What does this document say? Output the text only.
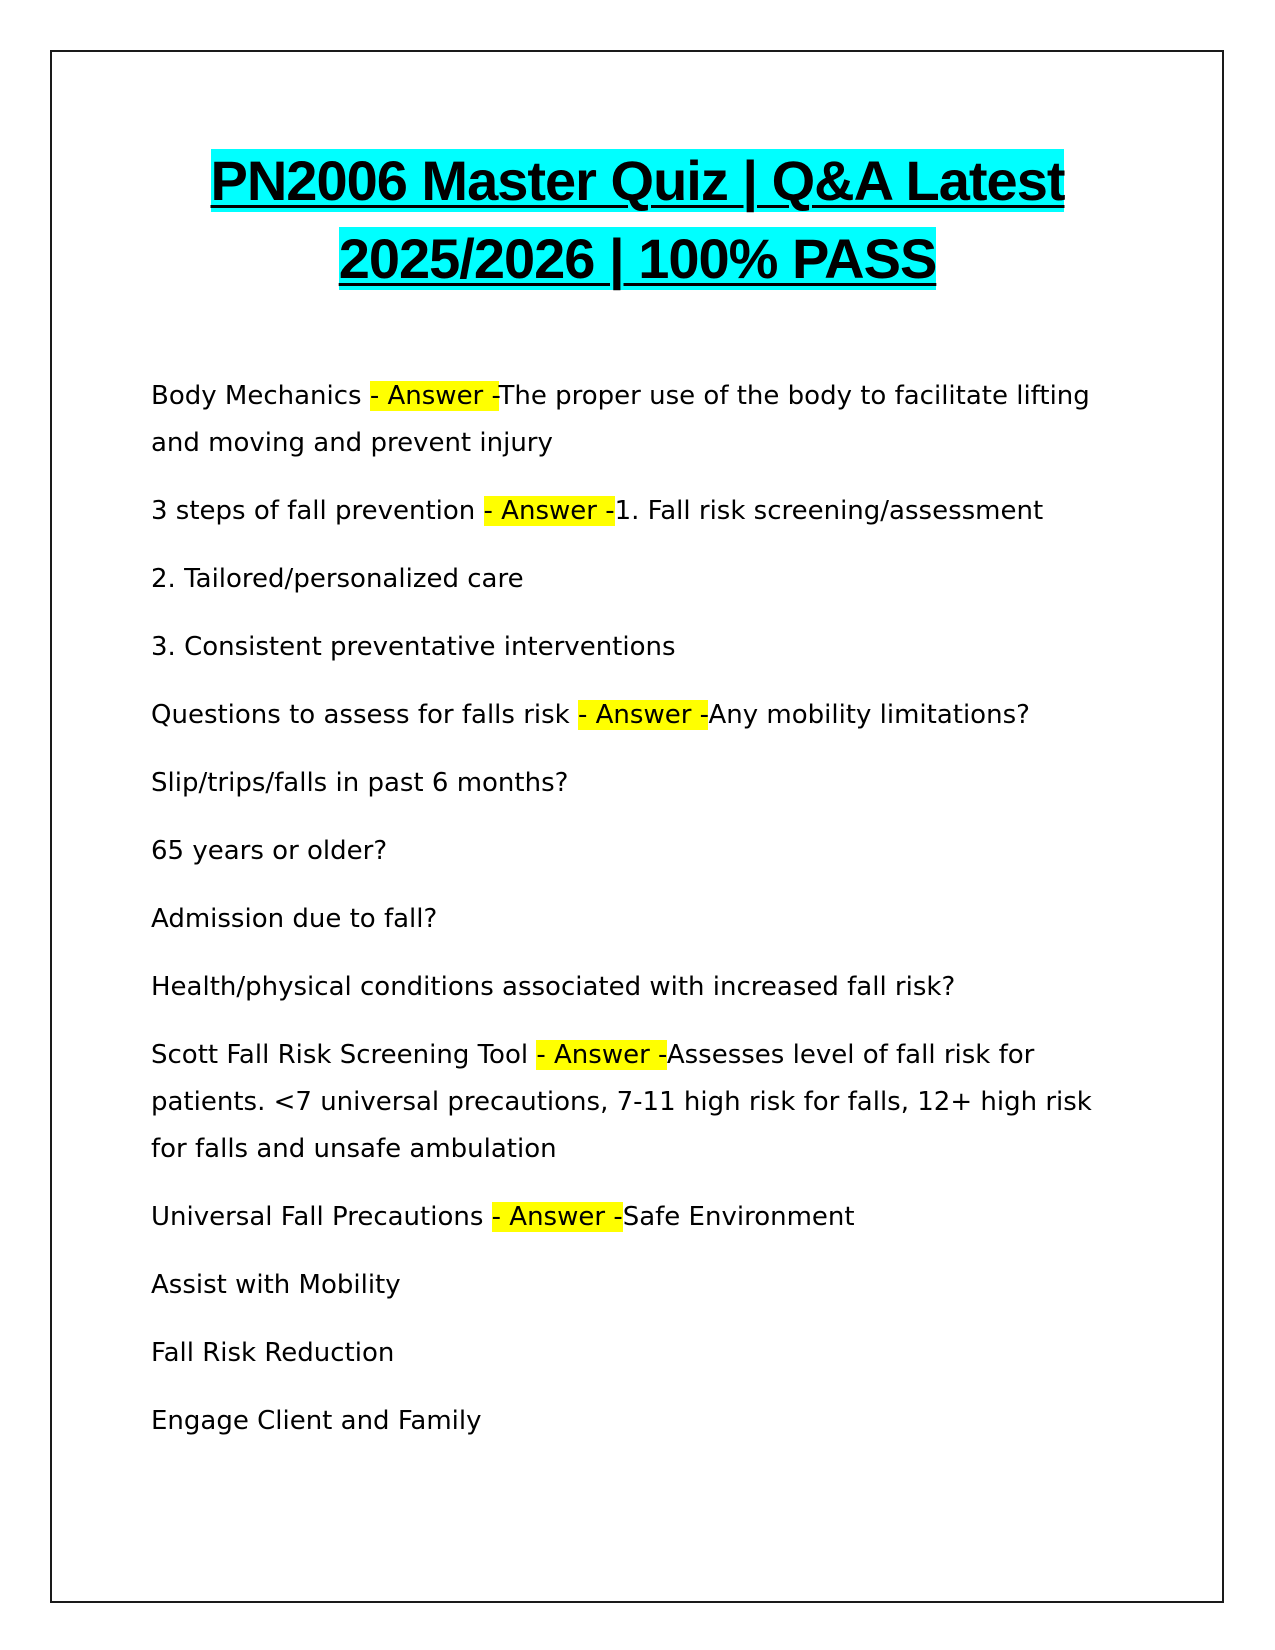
PN2006 Master Quiz | Q&A Latest
2025/2026 | 100% PASS

Body Mechanics - Answer -The proper use of the body to facilitate lifting and moving and prevent injury

3 steps of fall prevention - Answer -1. Fall risk screening/assessment

2. Tailored/personalized care

3. Consistent preventative interventions

Questions to assess for falls risk - Answer -Any mobility limitations?

Slip/trips/falls in past 6 months?

65 years or older?

Admission due to fall?

Health/physical conditions associated with increased fall risk?

Scott Fall Risk Screening Tool - Answer -Assesses level of fall risk for patients. <7 universal precautions, 7-11 high risk for falls, 12+ high risk for falls and unsafe ambulation

Universal Fall Precautions - Answer -Safe Environment

Assist with Mobility

Fall Risk Reduction

Engage Client and Family
